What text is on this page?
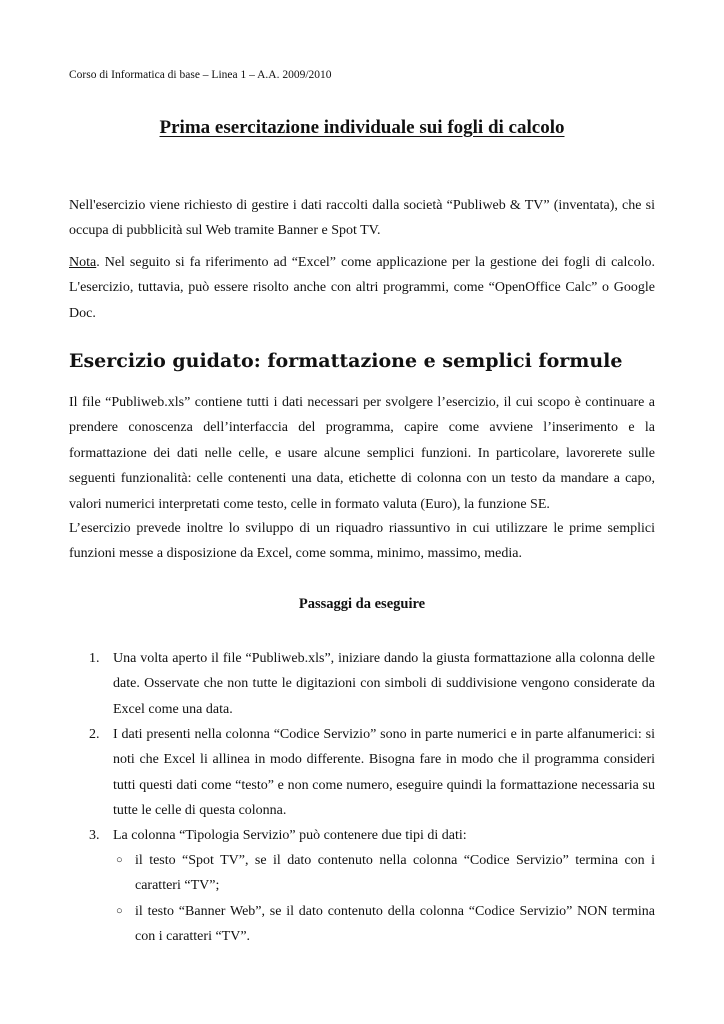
Corso di Informatica di base – Linea 1 – A.A. 2009/2010
Prima esercitazione individuale sui fogli di calcolo

Nell'esercizio viene richiesto di gestire i dati raccolti dalla società “Publiweb & TV” (inventata), che si occupa di pubblicità sul Web tramite Banner e Spot TV.

Nota. Nel seguito si fa riferimento ad “Excel” come applicazione per la gestione dei fogli di calcolo. L'esercizio, tuttavia, può essere risolto anche con altri programmi, come “OpenOffice Calc” o Google Doc.

Esercizio guidato: formattazione e semplici formule

Il file “Publiweb.xls” contiene tutti i dati necessari per svolgere l’esercizio, il cui scopo è continuare a prendere conoscenza dell’interfaccia del programma, capire come avviene l’inserimento e la formattazione dei dati nelle celle, e usare alcune semplici funzioni. In particolare, lavorerete sulle seguenti funzionalità: celle contenenti una data, etichette di colonna con un testo da mandare a capo, valori numerici interpretati come testo, celle in formato valuta (Euro), la funzione SE.

L’esercizio prevede inoltre lo sviluppo di un riquadro riassuntivo in cui utilizzare le prime semplici funzioni messe a disposizione da Excel, come somma, minimo, massimo, media.

Passaggi da eseguire
1. Una volta aperto il file “Publiweb.xls”, iniziare dando la giusta formattazione alla colonna delle date. Osservate che non tutte le digitazioni con simboli di suddivisione vengono considerate da Excel come una data.

2. I dati presenti nella colonna “Codice Servizio” sono in parte numerici e in parte alfanumerici: si noti che Excel li allinea in modo differente. Bisogna fare in modo che il programma consideri tutti questi dati come “testo” e non come numero, eseguire quindi la formattazione necessaria su tutte le celle di questa colonna.

3. La colonna “Tipologia Servizio” può contenere due tipi di dati:

○ il testo “Spot TV”, se il dato contenuto nella colonna “Codice Servizio” termina con i caratteri “TV”;

○ il testo “Banner Web”, se il dato contenuto della colonna “Codice Servizio” NON termina con i caratteri “TV”.
